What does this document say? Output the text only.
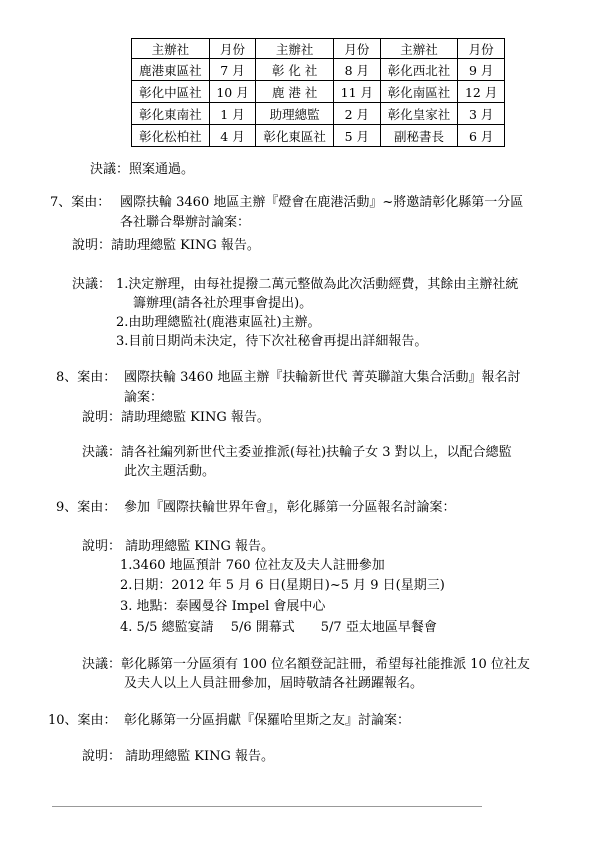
主辦社	月份	主辦社	月份	主辦社	月份
鹿港東區社	7 月	彰 化 社	8 月	彰化西北社	9 月
彰化中區社	10 月	鹿 港 社	11 月	彰化南區社	12 月
彰化東南社	1 月	助理總監	2 月	彰化皇家社	3 月
彰化松柏社	4 月	彰化東區社	5 月	副秘書長	6 月
決議：照案通過。
7、案由： 國際扶輪 3460 地區主辦『燈會在鹿港活動』~將邀請彰化縣第一分區
各社聯合舉辦討論案：
說明：請助理總監 KING 報告。
決議： 1.決定辦理，由每社提撥二萬元整做為此次活動經費，其餘由主辦社統
籌辦理(請各社於理事會提出)。
2.由助理總監社(鹿港東區社)主辦。
3.目前日期尚未決定，待下次社秘會再提出詳細報告。
8、案由： 國際扶輪 3460 地區主辦『扶輪新世代 菁英聯誼大集合活動』報名討
論案：
說明：請助理總監 KING 報告。
決議：請各社編列新世代主委並推派(每社)扶輪子女 3 對以上，以配合總監
此次主題活動。
9、案由： 參加『國際扶輪世界年會』，彰化縣第一分區報名討論案：
說明： 請助理總監 KING 報告。
1.3460 地區預計 760 位社友及夫人註冊參加
2.日期：2012 年 5 月 6 日(星期日)~5 月 9 日(星期三)
3. 地點：泰國曼谷 Impel 會展中心
4. 5/5 總監宴請　 5/6 開幕式　　5/7 亞太地區早餐會
決議：彰化縣第一分區須有 100 位名額登記註冊，希望每社能推派 10 位社友
及夫人以上人員註冊參加，屆時敬請各社踴躍報名。
10、案由： 彰化縣第一分區捐獻『保羅哈里斯之友』討論案：
說明： 請助理總監 KING 報告。
